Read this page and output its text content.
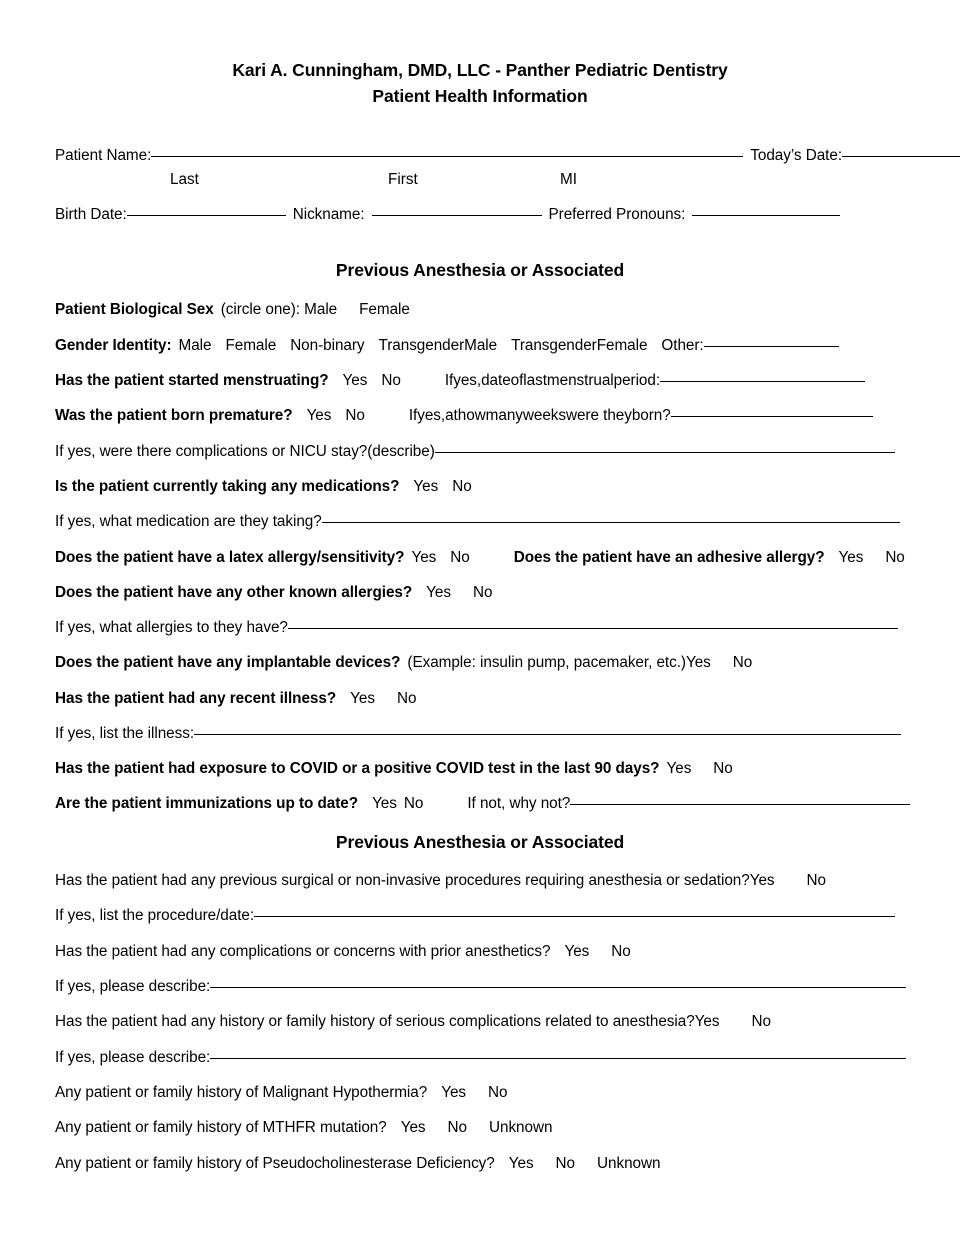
Kari A. Cunningham, DMD, LLC - Panther Pediatric Dentistry
Patient Health Information
Patient Name:	Today’s Date:
Last	First	MI
Birth Date:	Nickname:	Preferred Pronouns:
Previous Anesthesia or Associated
Patient Biological Sex (circle one): Male Female
Gender Identity: Male Female Non-binary TransgenderMale TransgenderFemale Other:
Has the patient started menstruating? Yes No	Ifyes,dateoflastmenstrualperiod:
Was the patient born premature? Yes No	Ifyes,athowmanyweekswere theyborn?
If yes, were there complications or NICU stay?(describe)
Is the patient currently taking any medications? Yes No
If yes, what medication are they taking?
Does the patient have a latex allergy/sensitivity? Yes No	Does the patient have an adhesive allergy? Yes No
Does the patient have any other known allergies? Yes No
If yes, what allergies to they have?
Does the patient have any implantable devices? (Example: insulin pump, pacemaker, etc.)Yes No
Has the patient had any recent illness? Yes No
If yes, list the illness:
Has the patient had exposure to COVID or a positive COVID test in the last 90 days? Yes No
Are the patient immunizations up to date? Yes No	If not, why not?
Previous Anesthesia or Associated
Has the patient had any previous surgical or non-invasive procedures requiring anesthesia or sedation?Yes No
If yes, list the procedure/date:
Has the patient had any complications or concerns with prior anesthetics? Yes No
If yes, please describe:
Has the patient had any history or family history of serious complications related to anesthesia?Yes No
If yes, please describe:
Any patient or family history of Malignant Hypothermia? Yes No
Any patient or family history of MTHFR mutation? Yes No Unknown
Any patient or family history of Pseudocholinesterase Deficiency? Yes No Unknown
